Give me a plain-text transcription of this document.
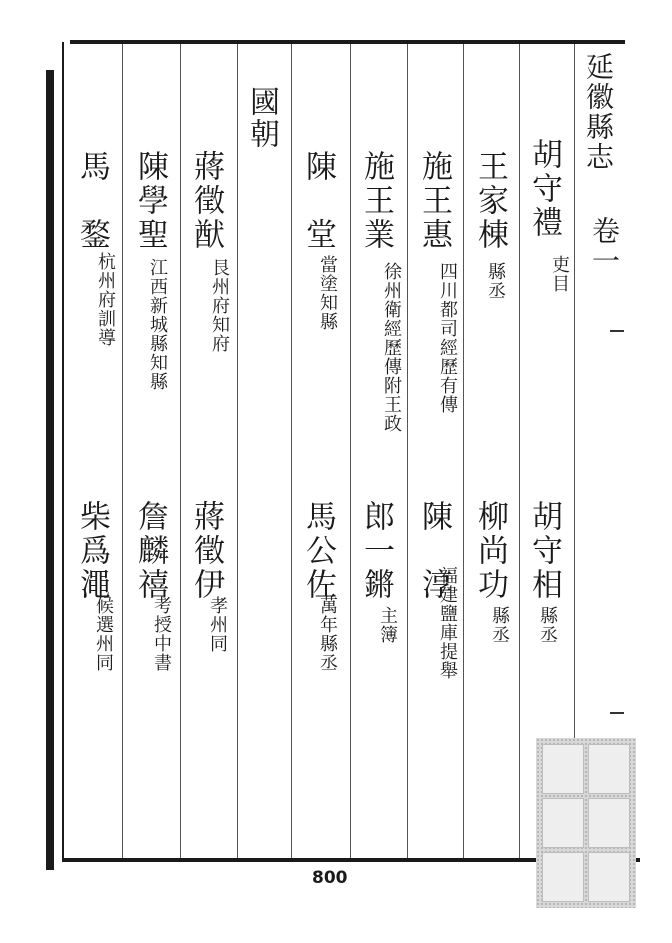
延徽縣志
卷一
國朝
胡守禮
吏目
王家棟
縣丞
施王惠
四川都司經歷有傳
施王業
徐州衛經歷傳附王政
陳　堂
當塗知縣
蔣徵猷
艮州府知府
陳學聖
江西新城縣知縣
馬　鍪
杭州府訓導
胡守相
縣丞
柳尚功
縣丞
陳　淳
福建鹽庫提舉
郎一鏘
主簿
馬公佐
萬年縣丞
蔣徵伊
孝州同
詹麟禧
考授中書
柴爲澠
候選州同
800
